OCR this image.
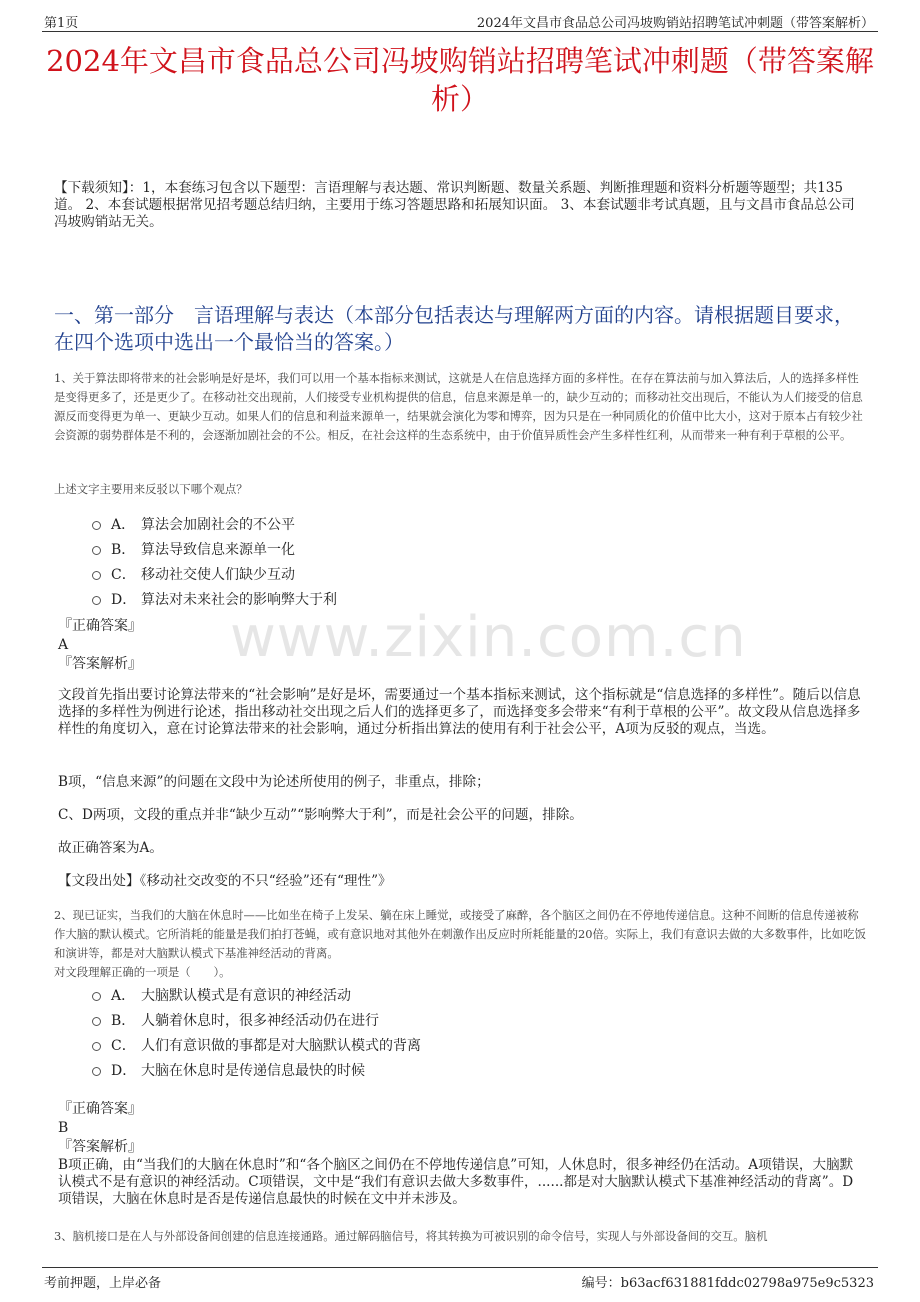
第1页	2024年文昌市食品总公司冯坡购销站招聘笔试冲刺题（带答案解析）
2024年文昌市食品总公司冯坡购销站招聘笔试冲刺题（带答案解析）
【下载须知】：1，本套练习包含以下题型：言语理解与表达题、常识判断题、数量关系题、判断推理题和资料分析题等题型；共135道。 2、本套试题根据常见招考题总结归纳，主要用于练习答题思路和拓展知识面。 3、本套试题非考试真题，且与文昌市食品总公司冯坡购销站无关。
一、第一部分　言语理解与表达（本部分包括表达与理解两方面的内容。请根据题目要求，在四个选项中选出一个最恰当的答案。）
www.zixin.com.cn
1、关于算法即将带来的社会影响是好是坏，我们可以用一个基本指标来测试，这就是人在信息选择方面的多样性。在存在算法前与加入算法后，人的选择多样性是变得更多了，还是更少了。在移动社交出现前，人们接受专业机构提供的信息，信息来源是单一的，缺少互动的；而移动社交出现后，不能认为人们接受的信息源反而变得更为单一、更缺少互动。如果人们的信息和利益来源单一，结果就会演化为零和博弈，因为只是在一种同质化的价值中比大小，这对于原本占有较少社会资源的弱势群体是不利的，会逐渐加剧社会的不公。相反，在社会这样的生态系统中，由于价值异质性会产生多样性红利，从而带来一种有利于草根的公平。
上述文字主要用来反驳以下哪个观点？
A． 算法会加剧社会的不公平
B． 算法导致信息来源单一化
C． 移动社交使人们缺少互动
D． 算法对未来社会的影响弊大于利
『正确答案』
A
『答案解析』
文段首先指出要讨论算法带来的“社会影响”是好是坏，需要通过一个基本指标来测试，这个指标就是“信息选择的多样性”。随后以信息选择的多样性为例进行论述，指出移动社交出现之后人们的选择更多了，而选择变多会带来“有利于草根的公平”。故文段从信息选择多样性的角度切入，意在讨论算法带来的社会影响，通过分析指出算法的使用有利于社会公平，A项为反驳的观点，当选。
B项，“信息来源”的问题在文段中为论述所使用的例子，非重点，排除；
C、D两项，文段的重点并非“缺少互动”“影响弊大于利”，而是社会公平的问题，排除。
故正确答案为A。
【文段出处】《移动社交改变的不只“经验”还有“理性”》
2、现已证实，当我们的大脑在休息时——比如坐在椅子上发呆、躺在床上睡觉，或接受了麻醉，各个脑区之间仍在不停地传递信息。这种不间断的信息传递被称作大脑的默认模式。它所消耗的能量是我们拍打苍蝇，或有意识地对其他外在刺激作出反应时所耗能量的20倍。实际上，我们有意识去做的大多数事件，比如吃饭和演讲等，都是对大脑默认模式下基准神经活动的背离。
对文段理解正确的一项是（　　）。
A． 大脑默认模式是有意识的神经活动
B． 人躺着休息时，很多神经活动仍在进行
C． 人们有意识做的事都是对大脑默认模式的背离
D． 大脑在休息时是传递信息最快的时候
『正确答案』
B
『答案解析』
B项正确，由“当我们的大脑在休息时”和“各个脑区之间仍在不停地传递信息”可知，人休息时，很多神经仍在活动。A项错误，大脑默认模式不是有意识的神经活动。C项错误，文中是“我们有意识去做大多数事件，......都是对大脑默认模式下基准神经活动的背离”。D项错误，大脑在休息时是否是传递信息最快的时候在文中并未涉及。
3、脑机接口是在人与外部设备间创建的信息连接通路。通过解码脑信号，将其转换为可被识别的命令信号，实现人与外部设备间的交互。脑机
考前押题，上岸必备	编号：b63acf631881fddc02798a975e9c5323
